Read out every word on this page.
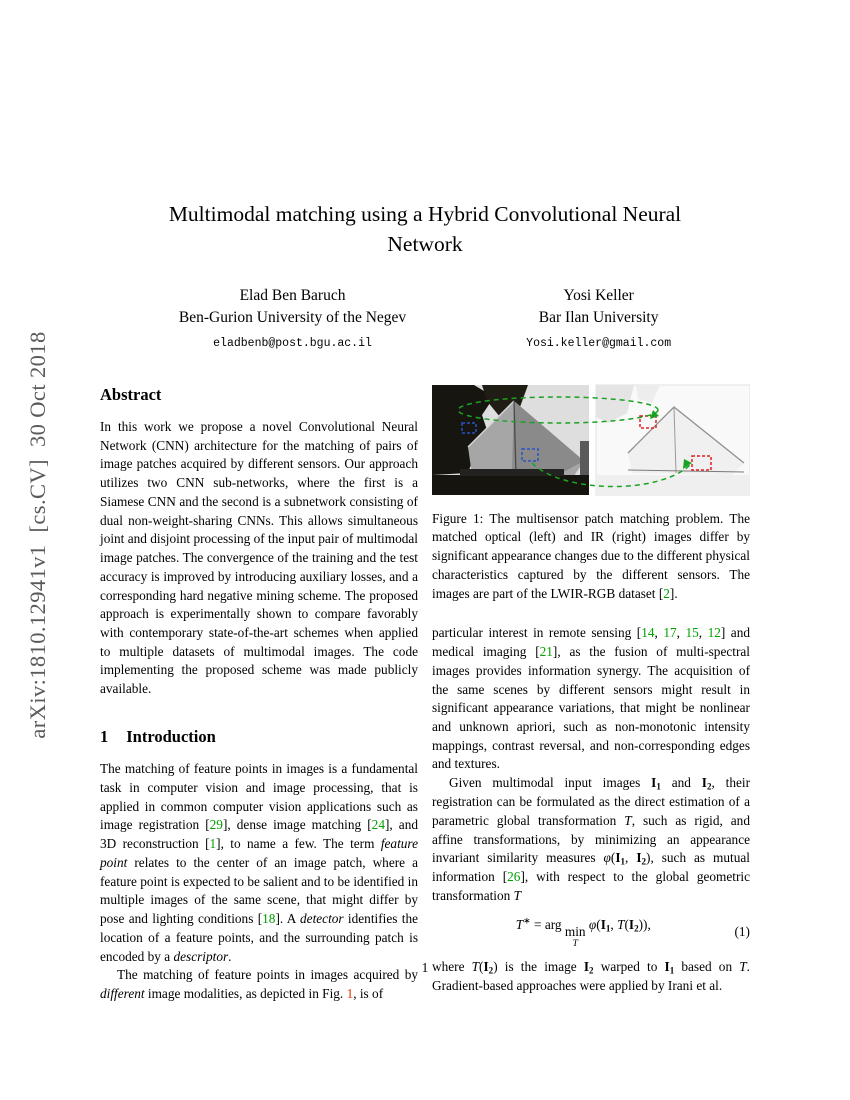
arXiv:1810.12941v1  [cs.CV]  30 Oct 2018
Multimodal matching using a Hybrid Convolutional Neural Network
Elad Ben Baruch
Ben-Gurion University of the Negev
eladbenb@post.bgu.ac.il
Yosi Keller
Bar Ilan University
Yosi.keller@gmail.com
Abstract

In this work we propose a novel Convolutional Neural Network (CNN) architecture for the matching of pairs of image patches acquired by different sensors. Our approach utilizes two CNN sub-networks, where the first is a Siamese CNN and the second is a subnetwork consisting of dual non-weight-sharing CNNs. This allows simultaneous joint and disjoint processing of the input pair of multimodal image patches. The convergence of the training and the test accuracy is improved by introducing auxiliary losses, and a corresponding hard negative mining scheme. The proposed approach is experimentally shown to compare favorably with contemporary state-of-the-art schemes when applied to multiple datasets of multimodal images. The code implementing the proposed scheme was made publicly available.

1 Introduction

The matching of feature points in images is a fundamental task in computer vision and image processing, that is applied in common computer vision applications such as image registration [29], dense image matching [24], and 3D reconstruction [1], to name a few. The term feature point relates to the center of an image patch, where a feature point is expected to be salient and to be identified in multiple images of the same scene, that might differ by pose and lighting conditions [18]. A detector identifies the location of a feature points, and the surrounding patch is encoded by a descriptor.

The matching of feature points in images acquired by different image modalities, as depicted in Fig. 1, is of

Figure 1: The multisensor patch matching problem. The matched optical (left) and IR (right) images differ by significant appearance changes due to the different physical characteristics captured by the different sensors. The images are part of the LWIR-RGB dataset [2].

particular interest in remote sensing [14, 17, 15, 12] and medical imaging [21], as the fusion of multi-spectral images provides information synergy. The acquisition of the same scenes by different sensors might result in significant appearance variations, that might be nonlinear and unknown apriori, such as non-monotonic intensity mappings, contrast reversal, and non-corresponding edges and textures.

Given multimodal input images I1 and I2, their registration can be formulated as the direct estimation of a parametric global transformation T, such as rigid, and affine transformations, by minimizing an appearance invariant similarity measures φ(I1, I2), such as mutual information [26], with respect to the global geometric transformation T

T∗ = arg min
T
φ(I1, T(I2)),	(1)

where T(I2) is the image I2 warped to I1 based on T. Gradient-based approaches were applied by Irani et al.

1
